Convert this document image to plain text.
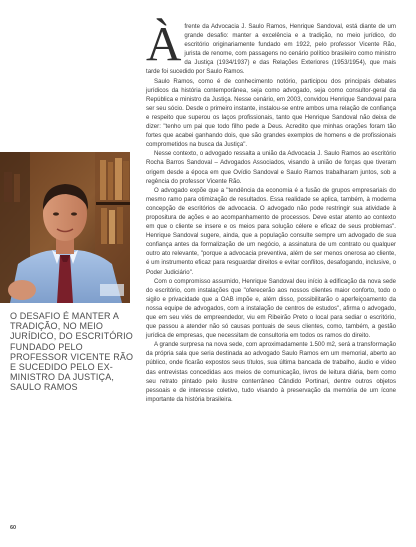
O DESAFIO É MANTER A TRADIÇÃO, NO MEIO JURÍDICO, DO ESCRITÓRIO FUNDADO PELO PROFESSOR VICENTE RÃO E SUCEDIDO PELO EX-MINISTRO DA JUSTIÇA, SAULO RAMOS

Àfrente da Advocacia J. Saulo Ramos, Henrique Sandoval, está diante de um grande desafio: manter a excelência e a tradição, no meio jurídico, do escritório originariamente fundado em 1922, pelo professor Vicente Rão, jurista de renome, com passagens no cenário político brasileiro como ministro da Justiça (1934/1937) e das Relações Exteriores (1953/1954), que mais tarde foi sucedido por Saulo Ramos.

Saulo Ramos, como é de conhecimento notório, participou dos principais debates jurídicos da história contemporânea, seja como advogado, seja como consultor-geral da República e ministro da Justiça. Nesse cenário, em 2003, convidou Henrique Sandoval para ser seu sócio. Desde o primeiro instante, instalou-se entre ambos uma relação de confiança e respeito que superou os laços profissionais, tanto que Henrique Sandoval não deixa de dizer: "tenho um pai que todo filho pede a Deus. Acredito que minhas orações foram tão fortes que acabei ganhando dois, que são grandes exemplos de homens e de profissionais comprometidos na busca da Justiça".

Nesse contexto, o advogado ressalta a união da Advocacia J. Saulo Ramos ao escritório Rocha Barros Sandoval – Advogados Associados, visando à união de forças que tiveram origem desde a época em que Ovídio Sandoval e Saulo Ramos trabalharam juntos, sob a regência do professor Vicente Rão.

O advogado expõe que a "tendência da economia é a fusão de grupos empresariais do mesmo ramo para otimização de resultados. Essa realidade se aplica, também, à moderna concepção de escritórios de advocacia. O advogado não pode restringir sua atividade à propositura de ações e ao acompanhamento de processos. Deve estar atento ao contexto em que o cliente se insere e os meios para solução célere e eficaz de seus problemas". Henrique Sandoval sugere, ainda, que a população consulte sempre um advogado de sua confiança antes da formalização de um negócio, a assinatura de um contrato ou qualquer outro ato relevante, "porque a advocacia preventiva, além de ser menos onerosa ao cliente, é um instrumento eficaz para resguardar direitos e evitar conflitos, desafogando, inclusive, o Poder Judiciário".

Com o compromisso assumido, Henrique Sandoval deu início à edificação da nova sede do escritório, com instalações que "oferecerão aos nossos clientes maior conforto, todo o sigilo e privacidade que a OAB impõe e, além disso, possibilitarão o aperfeiçoamento da nossa equipe de advogados, com a instalação de centros de estudos", afirma o advogado, que em seu viés de empreendedor, viu em Ribeirão Preto o local para sediar o escritório, que passou a atender não só causas pontuais de seus clientes, como, também, a gestão jurídica de empresas, que necessitam de consultoria em todos os ramos do direito.

A grande surpresa na nova sede, com aproximadamente 1.500 m2, será a transformação da própria sala que seria destinada ao advogado Saulo Ramos em um memorial, aberto ao público, onde ficarão expostos seus títulos, sua última bancada de trabalho, áudio e vídeo das entrevistas concedidas aos meios de comunicação, livros de leitura diária, bem como seu retrato pintado pelo ilustre conterrâneo Cândido Portinari, dentre outros objetos pessoais e de interesse coletivo, tudo visando à preservação da memória de um ícone importante da história brasileira.

60
